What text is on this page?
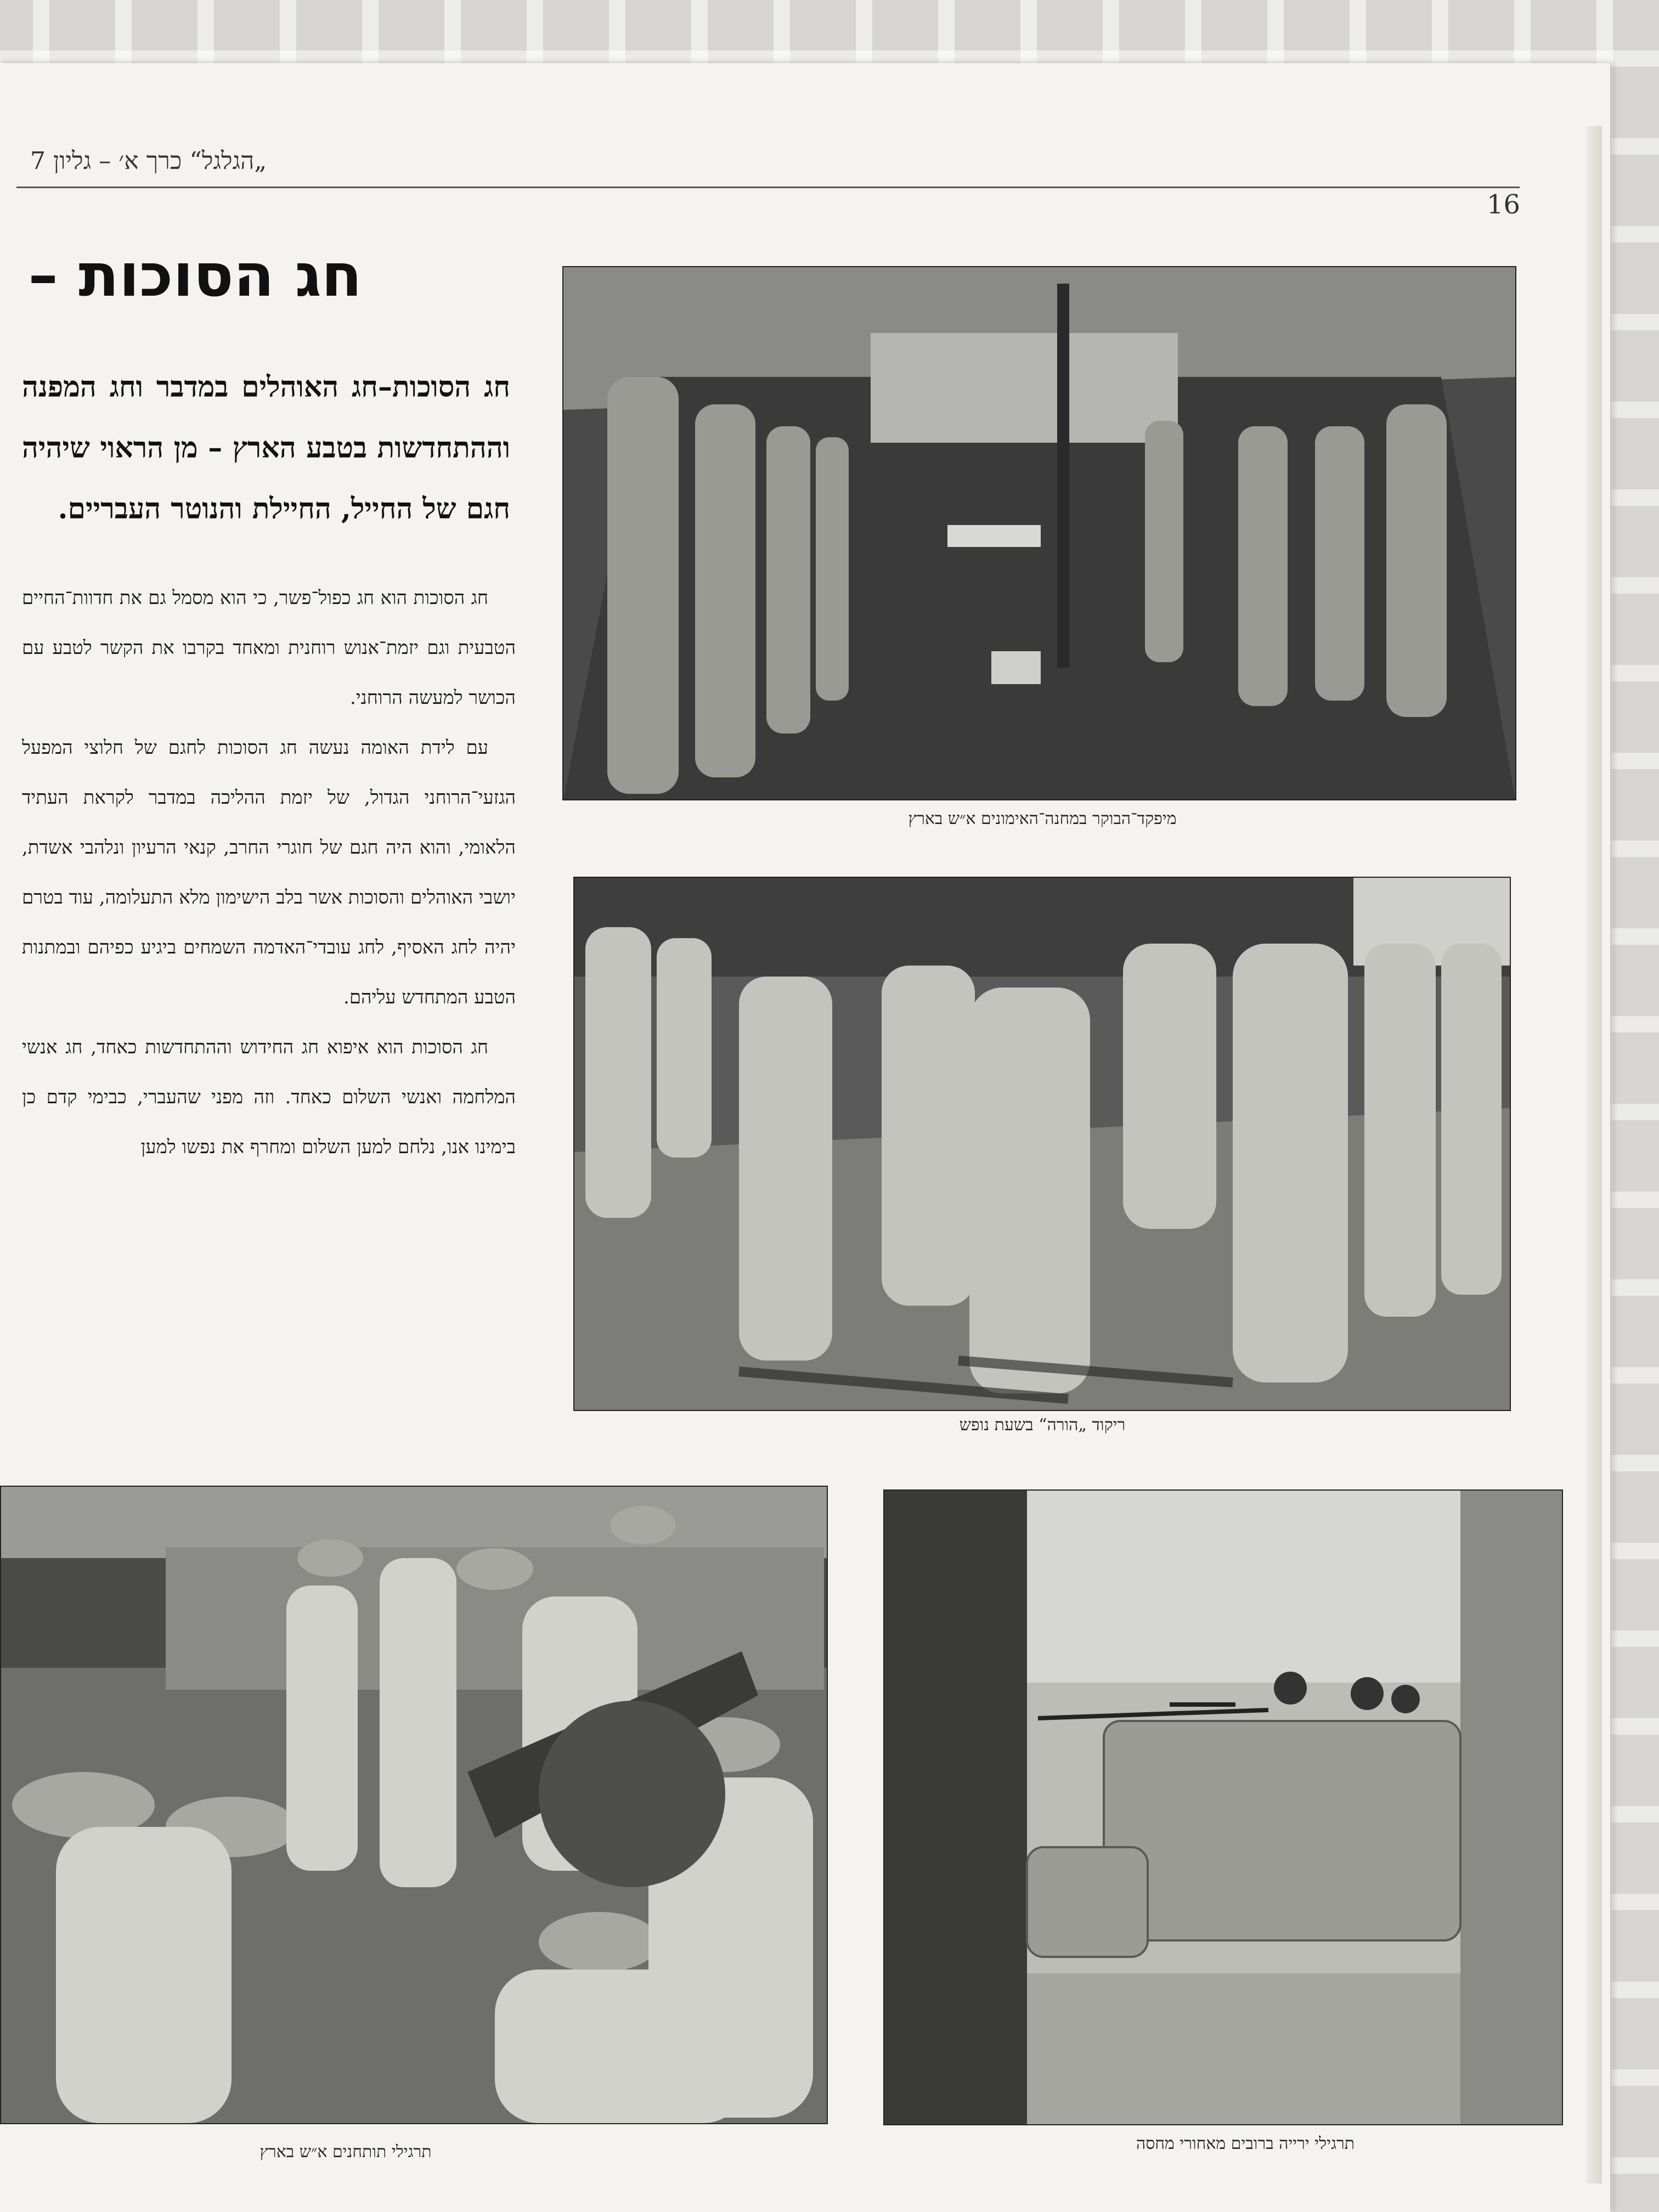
„הגלגל“ כרך א׳ – גליון 7
16
חג הסוכות –
חג הסוכות–חג האוהלים במדבר וחג המפנה וההתחדשות בטבע הארץ – מן הראוי שיהיה חגם של החייל, החיילת והנוטר העבריים.

חג הסוכות הוא חג כפול־פשר, כי הוא מסמל גם את חדוות־החיים הטבעית וגם יזמת־אנוש רוחנית ומאחד בקרבו את הקשר לטבע עם הכושר למעשה הרוחני.

עם לידת האומה נעשה חג הסוכות לחגם של חלוצי המפעל הגזעי־הרוחני הגדול, של יזמת ההליכה במדבר לקראת העתיד הלאומי, והוא היה חגם של חוגרי החרב, קנאי הרעיון ונלהבי אשדת, יושבי האוהלים והסוכות אשר בלב הישימון מלא התעלומה, עוד בטרם יהיה לחג האסיף, לחג עובדי־האדמה השמחים ביגיע כפיהם ובמתנות הטבע המתחדש עליהם.

חג הסוכות הוא איפוא חג החידוש וההתחדשות כאחד, חג אנשי המלחמה ואנשי השלום כאחד. וזה מפני שהעברי, כבימי קדם כן בימינו אנו, נלחם למען השלום ומחרף את נפשו למען

מיפקד־הבוקר במחנה־האימונים א״ש בארץ
ריקוד „הורה“ בשעת נופש
תרגילי תותחנים א״ש בארץ	תרגילי ירייה ברובים מאחורי מחסה
